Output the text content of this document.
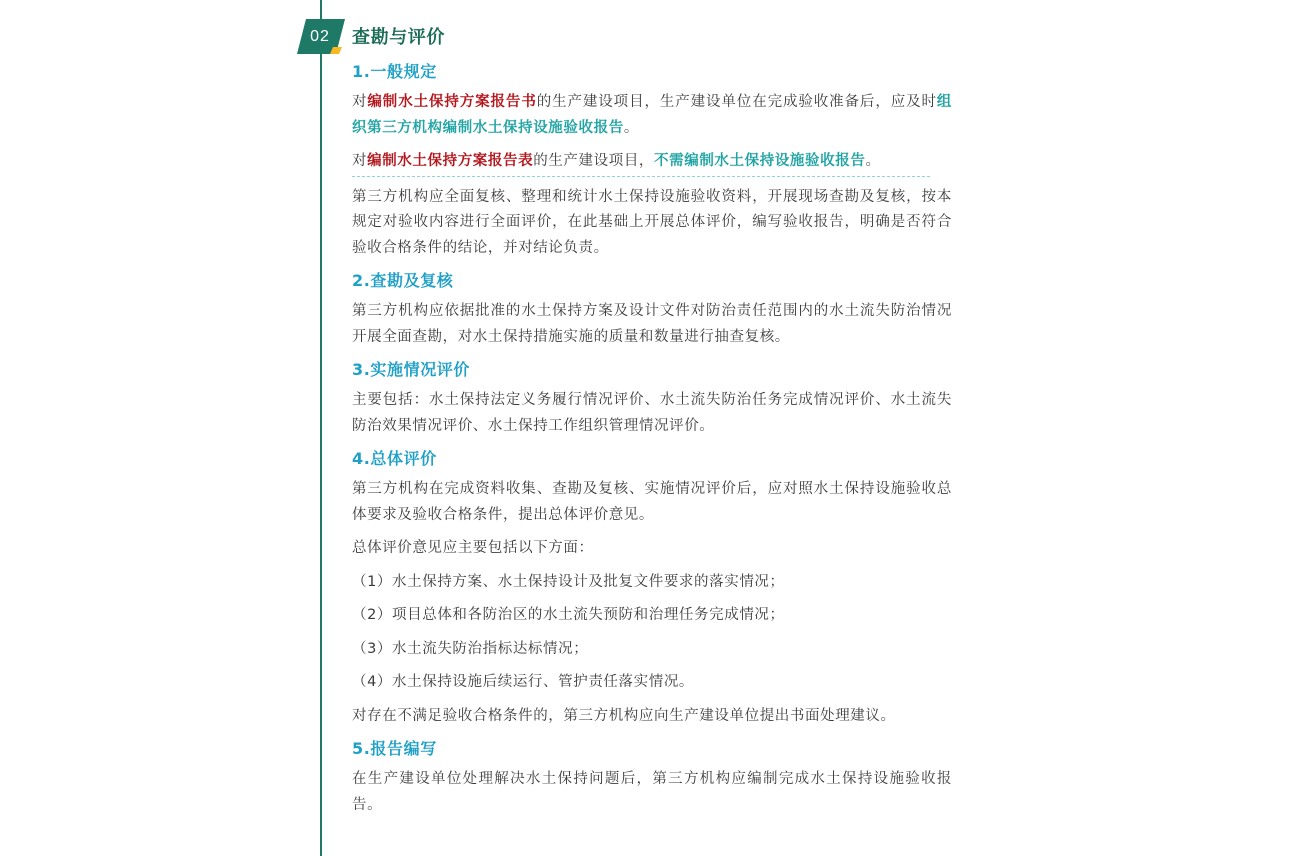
02	查勘与评价
1.一般规定

对编制水土保持方案报告书的生产建设项目，生产建设单位在完成验收准备后，应及时组织第三方机构编制水土保持设施验收报告。

对编制水土保持方案报告表的生产建设项目，不需编制水土保持设施验收报告。

第三方机构应全面复核、整理和统计水土保持设施验收资料，开展现场查勘及复核，按本规定对验收内容进行全面评价，在此基础上开展总体评价，编写验收报告，明确是否符合验收合格条件的结论，并对结论负责。

2.查勘及复核

第三方机构应依据批准的水土保持方案及设计文件对防治责任范围内的水土流失防治情况开展全面查勘，对水土保持措施实施的质量和数量进行抽查复核。

3.实施情况评价

主要包括：水土保持法定义务履行情况评价、水土流失防治任务完成情况评价、水土流失防治效果情况评价、水土保持工作组织管理情况评价。

4.总体评价

第三方机构在完成资料收集、查勘及复核、实施情况评价后，应对照水土保持设施验收总体要求及验收合格条件，提出总体评价意见。

总体评价意见应主要包括以下方面：

（1）水土保持方案、水土保持设计及批复文件要求的落实情况；

（2）项目总体和各防治区的水土流失预防和治理任务完成情况；

（3）水土流失防治指标达标情况；

（4）水土保持设施后续运行、管护责任落实情况。

对存在不满足验收合格条件的，第三方机构应向生产建设单位提出书面处理建议。

5.报告编写

在生产建设单位处理解决水土保持问题后，第三方机构应编制完成水土保持设施验收报告。
